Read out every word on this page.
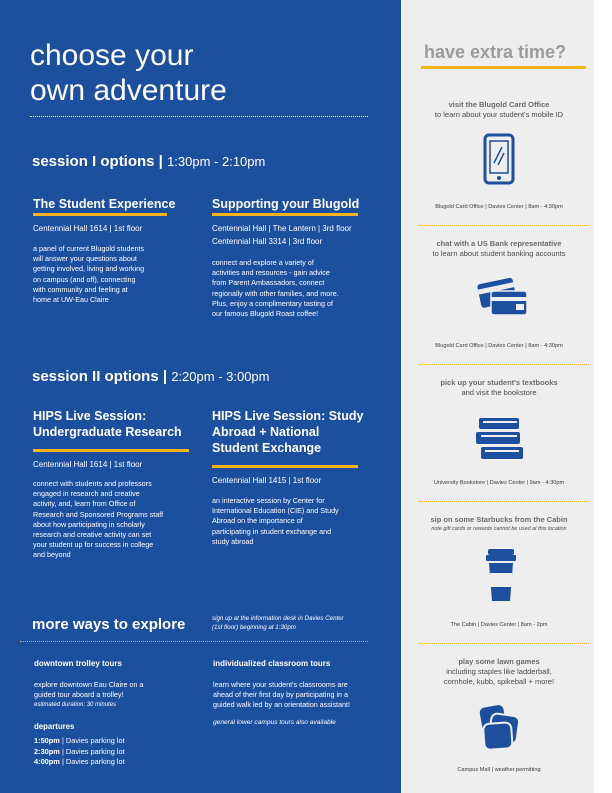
choose your
own adventure
session I options | 1:30pm - 2:10pm
The Student Experience
Centennial Hall 1614 | 1st floor
a panel of current Blugold students
will answer your questions about
getting involved, living and working
on campus (and off), connecting
with community and feeling at
home at UW-Eau Claire
Supporting your Blugold
Centennial Hall | The Lantern | 3rd floor
Centennial Hall 3314 | 3rd floor
connect and explore a variety of
activities and resources - gain advice
from Parent Ambassadors, connect
regionally with other families, and more.
Plus, enjoy a complimentary tasting of
our famous Blugold Roast coffee!
session II options | 2:20pm - 3:00pm
HIPS Live Session:
Undergraduate Research
Centennial Hall 1614 | 1st floor
connect with students and professors
engaged in research and creative
activity, and, learn from Office of
Research and Sponsored Programs staff
about how participating in scholarly
research and creative activity can set
your student up for success in college
and beyond
HIPS Live Session: Study
Abroad + National
Student Exchange
Centennial Hall 1415 | 1st floor
an interactive session by Center for
International Education (CIE) and Study
Abroad on the importance of
participating in student exchange and
study abroad
more ways to explore	sign up at the information desk in Davies Center
(1st floor) beginning at 1:30pm
downtown trolley tours
explore downtown Eau Claire on a
guided tour aboard a trolley!
estimated duration: 30 minutes
departures
1:50pm | Davies parking lot
2:30pm | Davies parking lot
4:00pm | Davies parking lot
individualized classroom tours
learn where your student's classrooms are
ahead of their first day by participating in a
guided walk led by an orientation assistant!
general lower campus tours also available
have extra time?
visit the Blugold Card Office
to learn about your student's mobile ID
Blugold Card Office | Davies Center | 8am - 4:30pm
chat with a US Bank representative
to learn about student banking accounts
Blugold Card Office | Davies Center | 8am - 4:30pm
pick up your student's textbooks
and visit the bookstore
University Bookstore | Davies Center | 9am - 4:30pm
sip on some Starbucks from the Cabin
note gift cards or rewards cannot be used at this location
The Cabin | Davies Center | 8am - 2pm
play some lawn games
including staples like ladderball,
cornhole, kubb, spikeball + more!
Campus Mall | weather permitting
